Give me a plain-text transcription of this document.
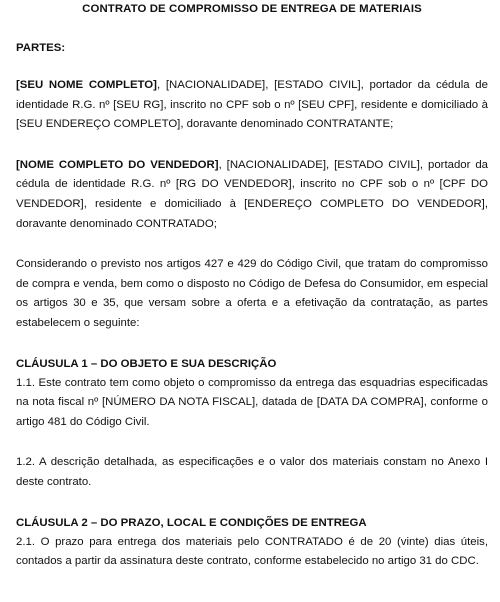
CONTRATO DE COMPROMISSO DE ENTREGA DE MATERIAIS
PARTES:

[SEU NOME COMPLETO], [NACIONALIDADE], [ESTADO CIVIL], portador da cédula de identidade R.G. nº [SEU RG], inscrito no CPF sob o nº [SEU CPF], residente e domiciliado à [SEU ENDEREÇO COMPLETO], doravante denominado CONTRATANTE;

[NOME COMPLETO DO VENDEDOR], [NACIONALIDADE], [ESTADO CIVIL], portador da cédula de identidade R.G. nº [RG DO VENDEDOR], inscrito no CPF sob o nº [CPF DO VENDEDOR], residente e domiciliado à [ENDEREÇO COMPLETO DO VENDEDOR], doravante denominado CONTRATADO;

Considerando o previsto nos artigos 427 e 429 do Código Civil, que tratam do compromisso de compra e venda, bem como o disposto no Código de Defesa do Consumidor, em especial os artigos 30 e 35, que versam sobre a oferta e a efetivação da contratação, as partes estabelecem o seguinte:

CLÁUSULA 1 – DO OBJETO E SUA DESCRIÇÃO

1.1. Este contrato tem como objeto o compromisso da entrega das esquadrias especificadas na nota fiscal nº [NÚMERO DA NOTA FISCAL], datada de [DATA DA COMPRA], conforme o artigo 481 do Código Civil.

1.2. A descrição detalhada, as especificações e o valor dos materiais constam no Anexo I deste contrato.

CLÁUSULA 2 – DO PRAZO, LOCAL E CONDIÇÕES DE ENTREGA

2.1. O prazo para entrega dos materiais pelo CONTRATADO é de 20 (vinte) dias úteis, contados a partir da assinatura deste contrato, conforme estabelecido no artigo 31 do CDC.
